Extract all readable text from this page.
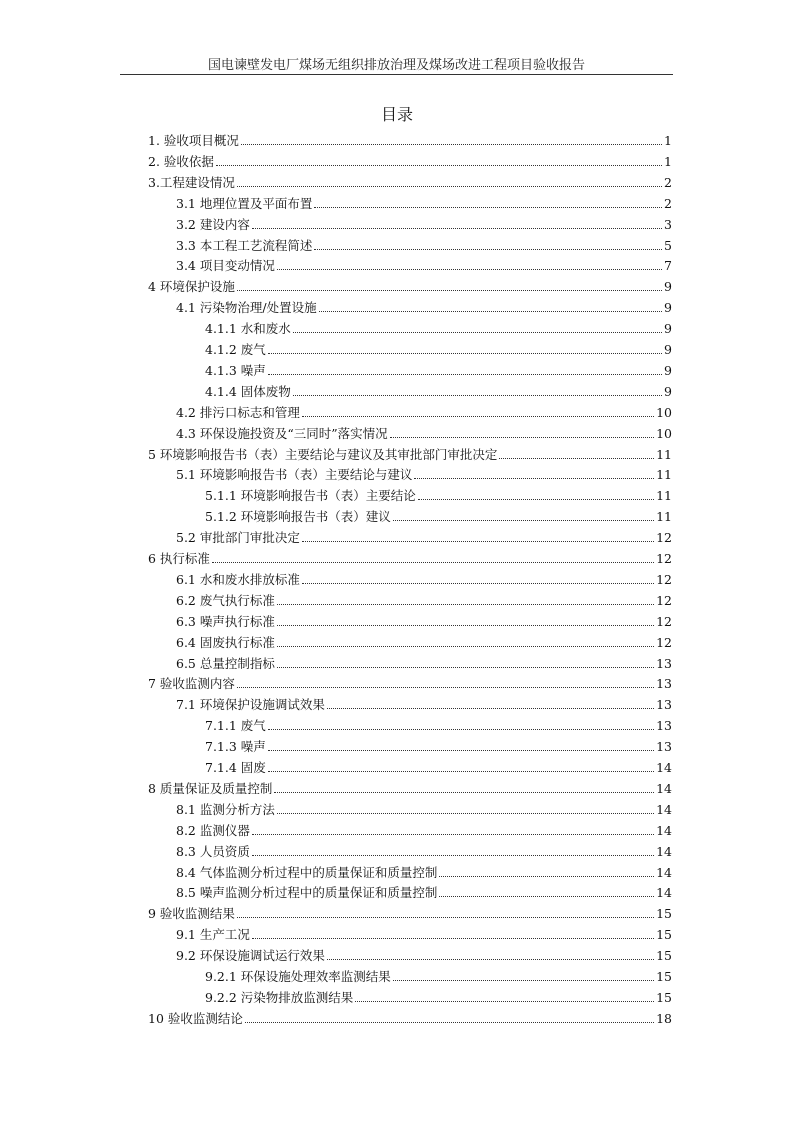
国电谏壁发电厂煤场无组织排放治理及煤场改进工程项目验收报告
目录
1. 验收项目概况	1
2. 验收依据	1
3.工程建设情况	2
3.1 地理位置及平面布置	2
3.2 建设内容	3
3.3 本工程工艺流程简述	5
3.4 项目变动情况	7
4 环境保护设施	9
4.1 污染物治理/处置设施	9
4.1.1 水和废水	9
4.1.2 废气	9
4.1.3 噪声	9
4.1.4 固体废物	9
4.2 排污口标志和管理	10
4.3 环保设施投资及“三同时”落实情况	10
5 环境影响报告书（表）主要结论与建议及其审批部门审批决定	11
5.1 环境影响报告书（表）主要结论与建议	11
5.1.1 环境影响报告书（表）主要结论	11
5.1.2 环境影响报告书（表）建议	11
5.2 审批部门审批决定	12
6 执行标准	12
6.1 水和废水排放标准	12
6.2 废气执行标准	12
6.3 噪声执行标准	12
6.4 固废执行标准	12
6.5 总量控制指标	13
7 验收监测内容	13
7.1 环境保护设施调试效果	13
7.1.1 废气	13
7.1.3 噪声	13
7.1.4 固废	14
8 质量保证及质量控制	14
8.1 监测分析方法	14
8.2 监测仪器	14
8.3 人员资质	14
8.4 气体监测分析过程中的质量保证和质量控制	14
8.5 噪声监测分析过程中的质量保证和质量控制	14
9 验收监测结果	15
9.1 生产工况	15
9.2 环保设施调试运行效果	15
9.2.1 环保设施处理效率监测结果	15
9.2.2 污染物排放监测结果	15
10 验收监测结论	18
